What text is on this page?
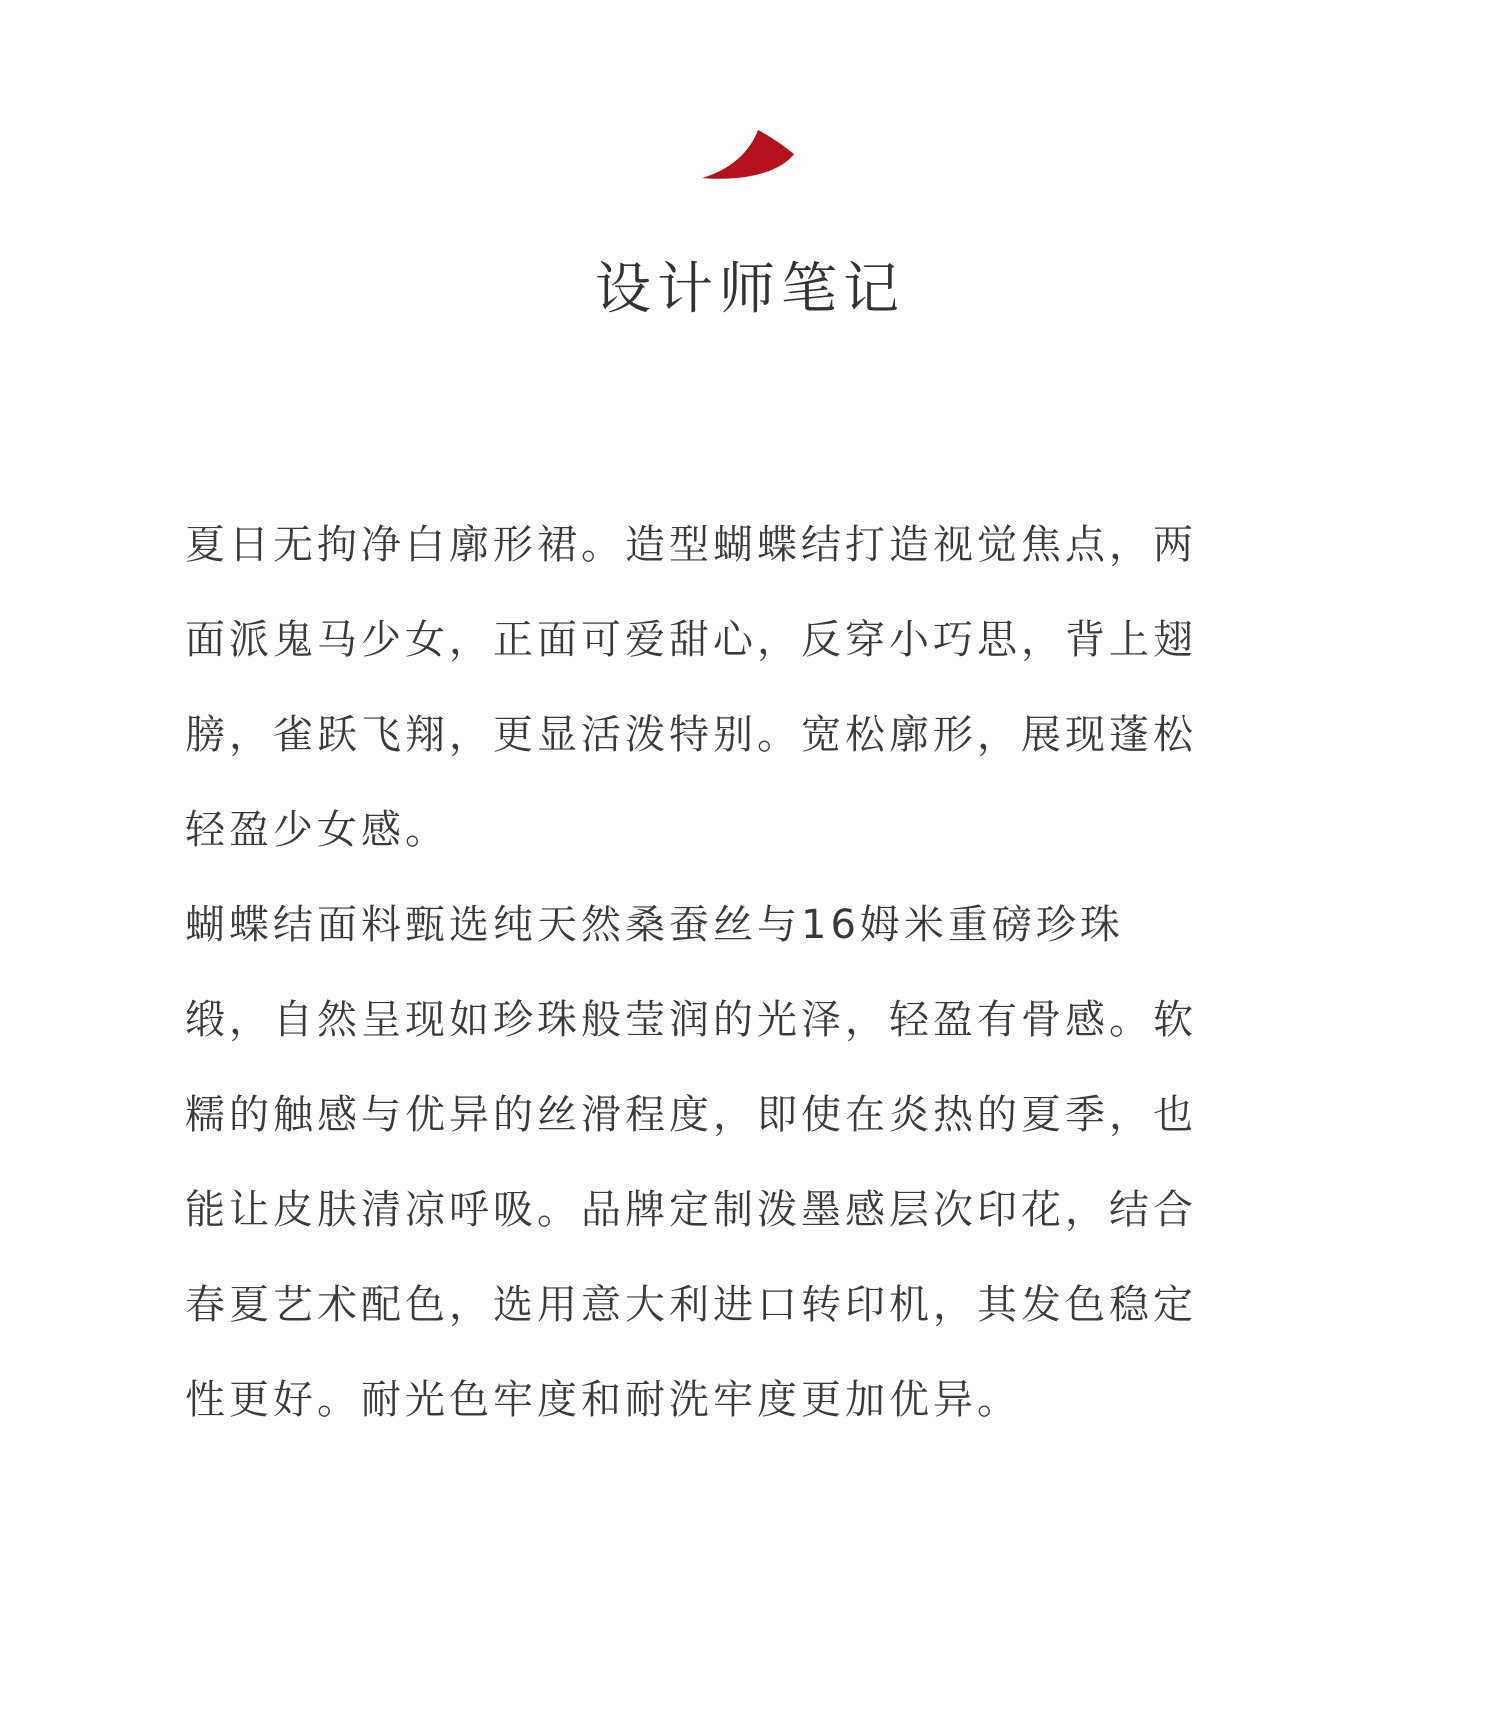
设计师笔记
夏日无拘净白廓形裙。造型蝴蝶结打造视觉焦点，两
面派鬼马少女，正面可爱甜心，反穿小巧思，背上翅
膀，雀跃飞翔，更显活泼特别。宽松廓形，展现蓬松
轻盈少女感。
蝴蝶结面料甄选纯天然桑蚕丝与16姆米重磅珍珠
缎，自然呈现如珍珠般莹润的光泽，轻盈有骨感。软
糯的触感与优异的丝滑程度，即使在炎热的夏季，也
能让皮肤清凉呼吸。品牌定制泼墨感层次印花，结合
春夏艺术配色，选用意大利进口转印机，其发色稳定
性更好。耐光色牢度和耐洗牢度更加优异。
